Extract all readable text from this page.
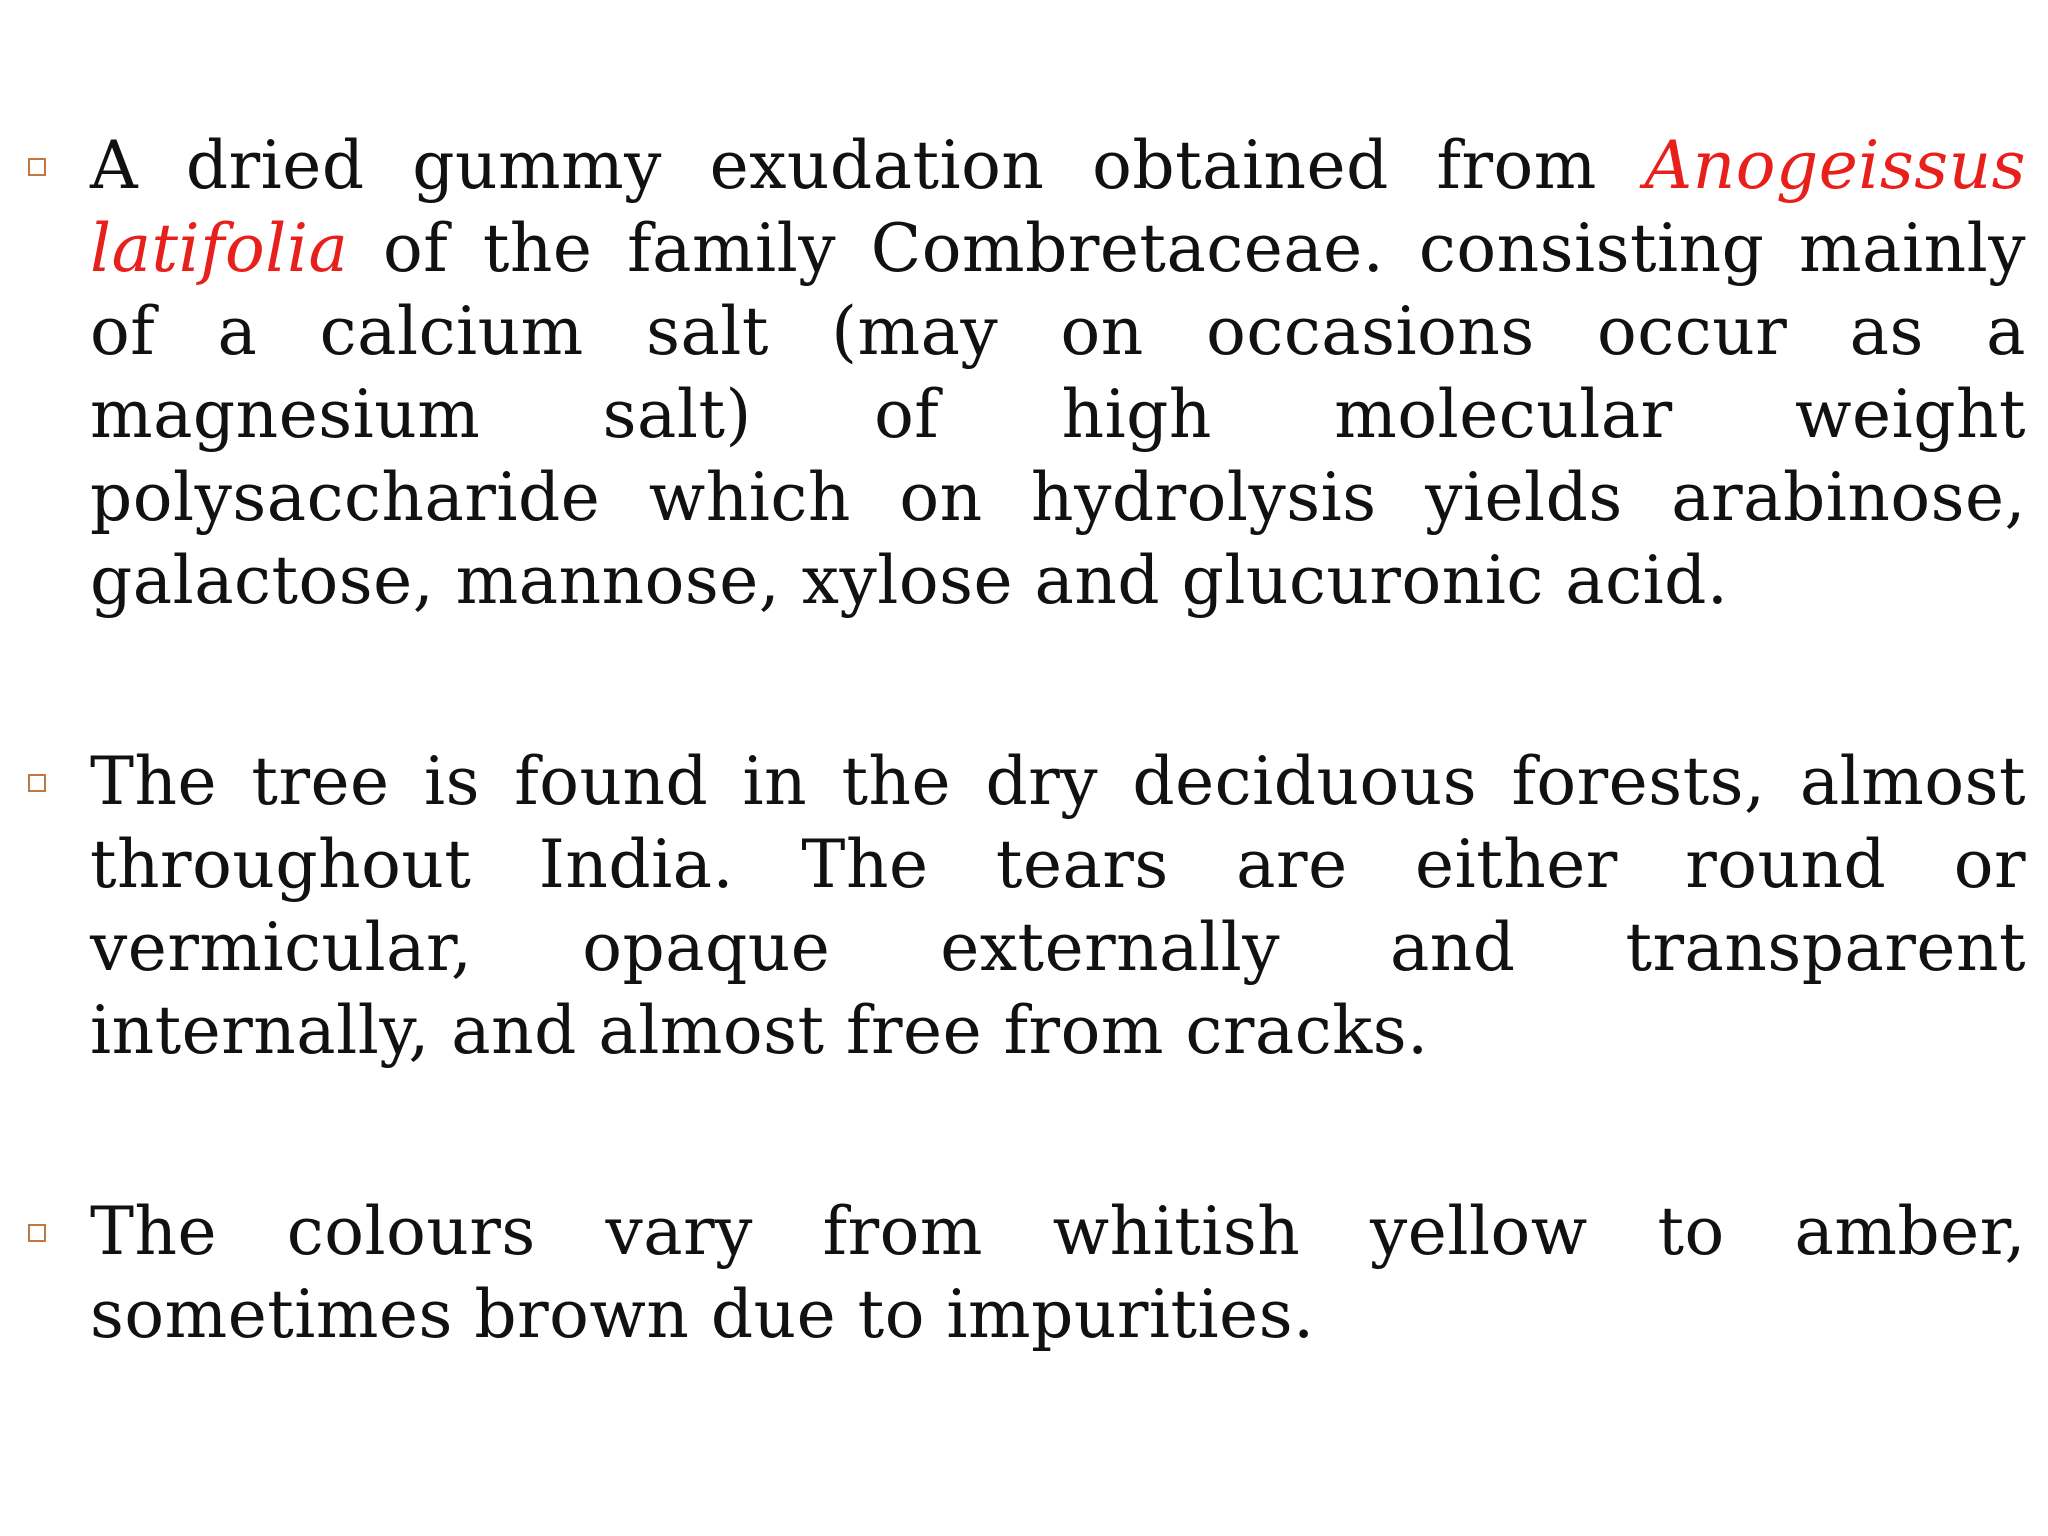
A dried gummy exudation obtained from Anogeissus latifolia of the family Combretaceae. consisting mainly of a calcium salt (may on occasions occur as a magnesium salt) of high molecular weight polysaccharide which on hydrolysis yields arabinose, galactose, mannose, xylose and glucuronic acid.

The tree is found in the dry deciduous forests, almost throughout India. The tears are either round or vermicular, opaque externally and transparent internally, and almost free from cracks.

The colours vary from whitish yellow to amber, sometimes brown due to impurities.
